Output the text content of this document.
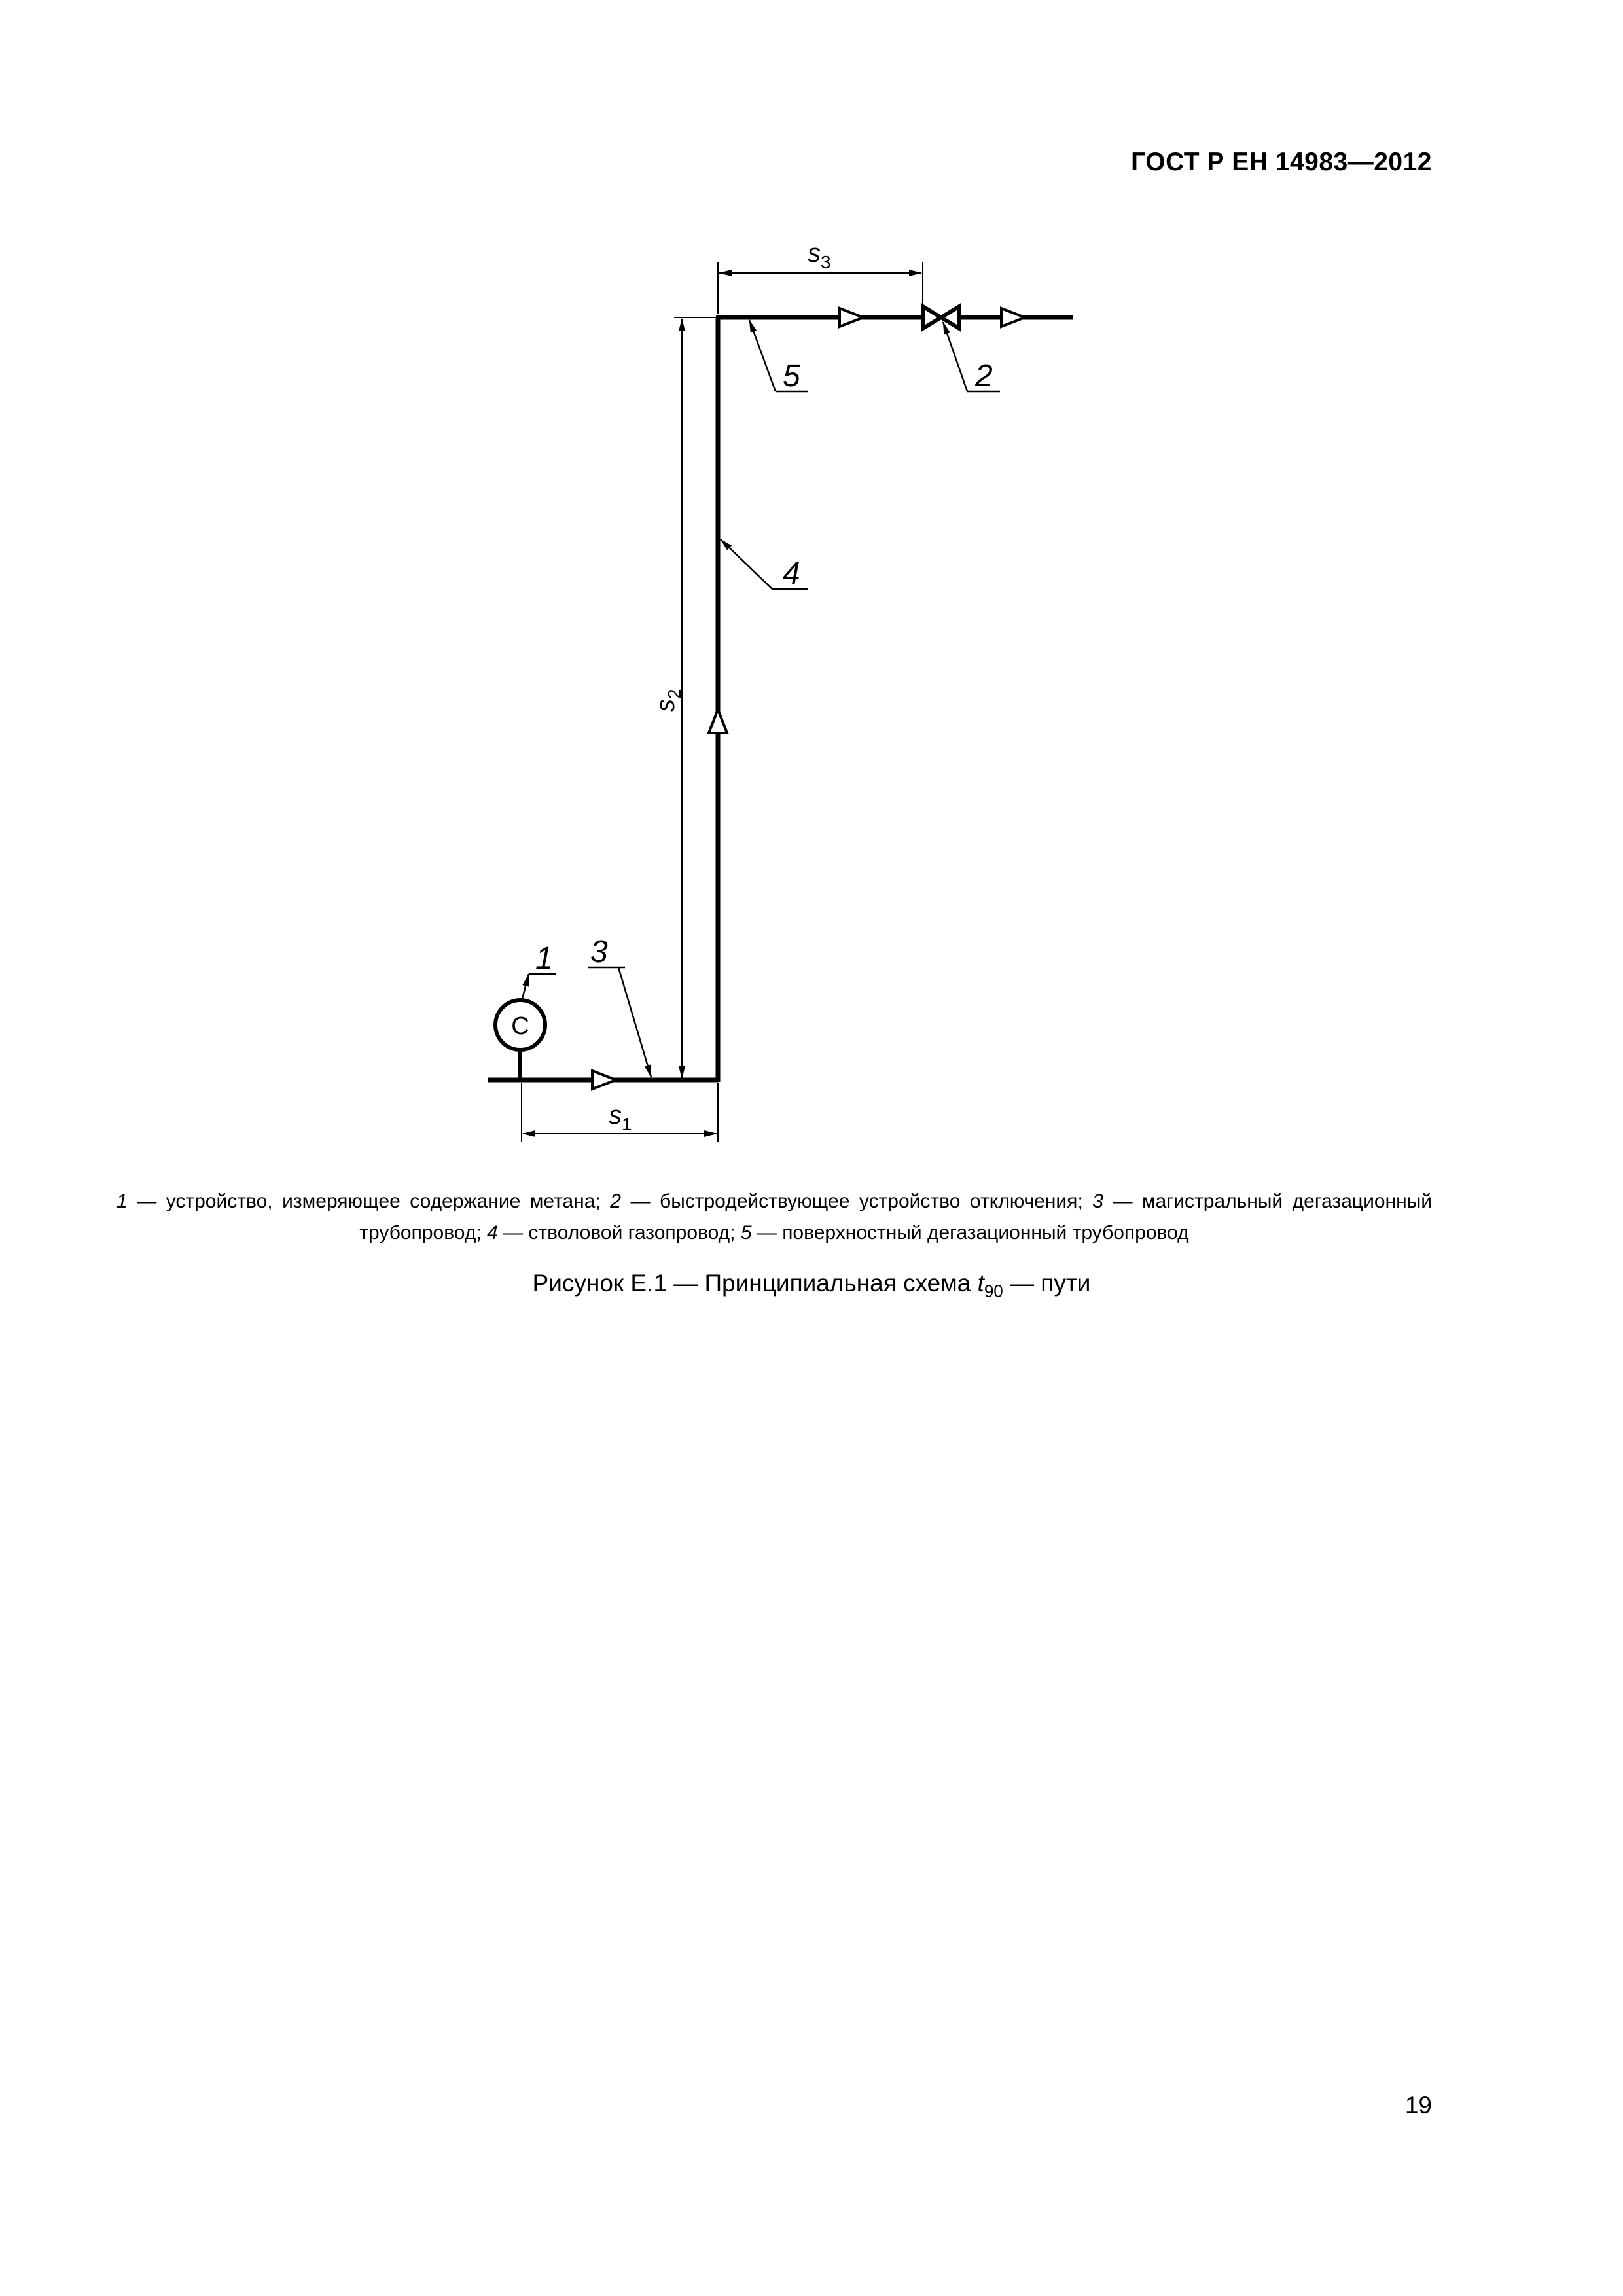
ГОСТ Р ЕН 14983—2012
C
$s_1$
$s_2$
$s_3$
1 3
4
5	2
1 — устройство, измеряющее содержание метана; 2 — быстродействующее устройство отключения; 3 — магистральный дегазационный трубопровод; 4 — стволовой газопровод; 5 — поверхностный дегазационный трубопровод
Рисунок Е.1 — Принципиальная схема $t_{90}$ — пути
19
